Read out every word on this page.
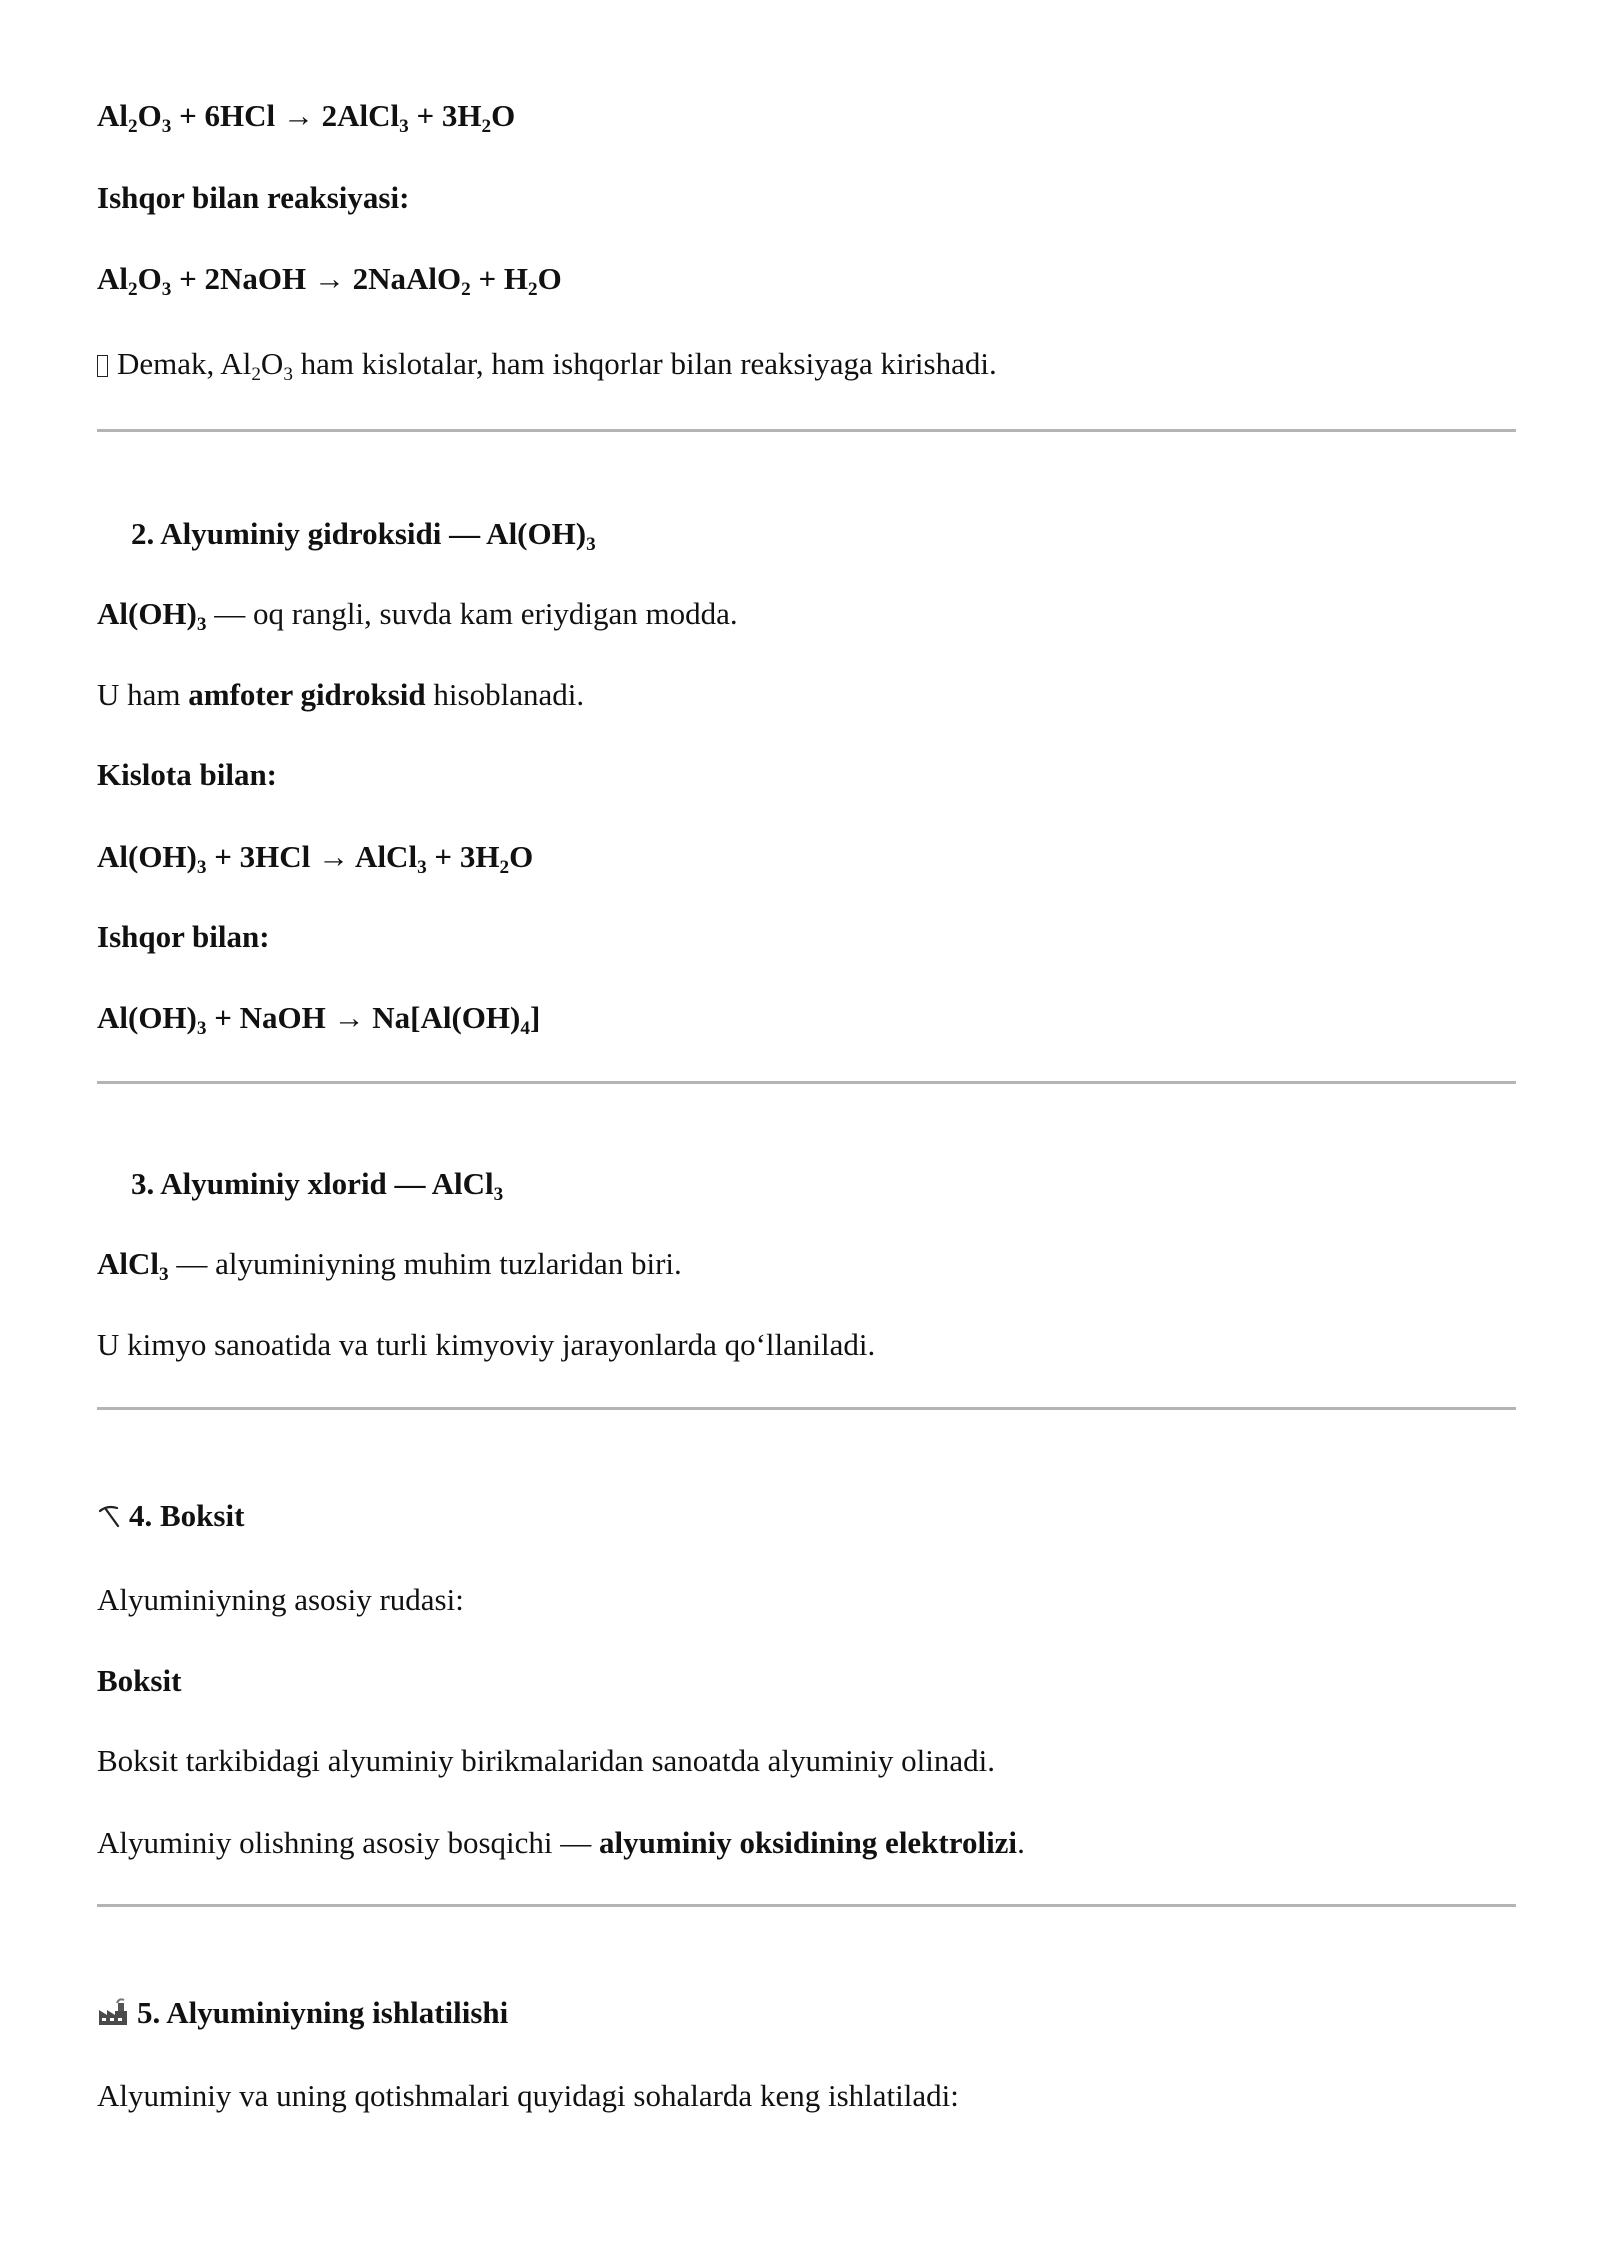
$Al_2O_3 + 6HCl$ → 2AlCl$_3$ + $3H_2O$
Ishqor bilan reaksiyasi:
$Al_2O_3$ + 2NaOH → 2NaAlO$_2$ + $H_2O$
Demak, $Al_2O_3$ ham kislotalar, ham ishqorlar bilan reaksiyaga kirishadi.
2. Alyuminiy gidroksidi — $Al(OH)_3$
$Al(OH)_3$ — oq rangli, suvda kam eriydigan modda.
U ham amfoter gidroksid hisoblanadi.
Kislota bilan:
$Al(OH)_3 + 3HCl$ → AlCl$_3$ + $3H_2O$
Ishqor bilan:
$Al(OH)_3$ + NaOH → $Na[Al(OH)_4]$
3. Alyuminiy xlorid — AlCl$_3$
AlCl$_3$ — alyuminiyning muhim tuzlaridan biri.
U kimyo sanoatida va turli kimyoviy jarayonlarda qo‘llaniladi.
4. Boksit
Alyuminiyning asosiy rudasi:
Boksit
Boksit tarkibidagi alyuminiy birikmalaridan sanoatda alyuminiy olinadi.
Alyuminiy olishning asosiy bosqichi — alyuminiy oksidining elektrolizi.
5. Alyuminiyning ishlatilishi
Alyuminiy va uning qotishmalari quyidagi sohalarda keng ishlatiladi:
